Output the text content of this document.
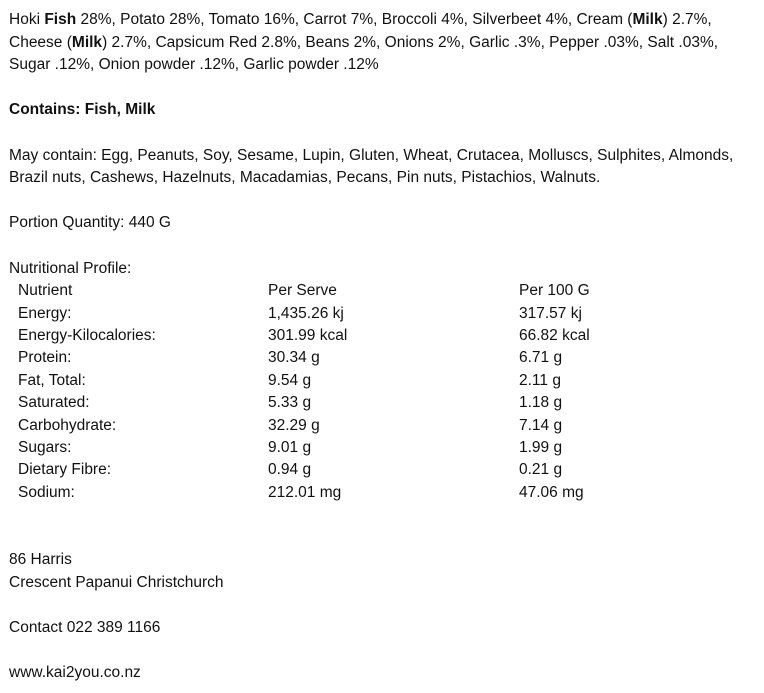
Hoki Fish 28%, Potato 28%, Tomato 16%, Carrot 7%, Broccoli 4%, Silverbeet 4%, Cream (Milk) 2.7%, Cheese (Milk) 2.7%, Capsicum Red 2.8%, Beans 2%, Onions 2%, Garlic .3%, Pepper .03%, Salt .03%, Sugar .12%, Onion powder .12%, Garlic powder .12%

Contains: Fish, Milk

May contain: Egg, Peanuts, Soy, Sesame, Lupin, Gluten, Wheat, Crutacea, Molluscs, Sulphites, Almonds, Brazil nuts, Cashews, Hazelnuts, Macadamias, Pecans, Pin nuts, Pistachios, Walnuts.

Portion Quantity: 440 G

Nutritional Profile:

Nutrient	Per Serve	Per 100 G
Energy:	1,435.26 kj	317.57 kj
Energy-Kilocalories:	301.99 kcal	66.82 kcal
Protein:	30.34 g	6.71 g
Fat, Total:	9.54 g	2.11 g
Saturated:	5.33 g	1.18 g
Carbohydrate:	32.29 g	7.14 g
Sugars:	9.01 g	1.99 g
Dietary Fibre:	0.94 g	0.21 g
Sodium:	212.01 mg	47.06 mg

86 Harris

Crescent Papanui Christchurch

Contact 022 389 1166

www.kai2you.co.nz
